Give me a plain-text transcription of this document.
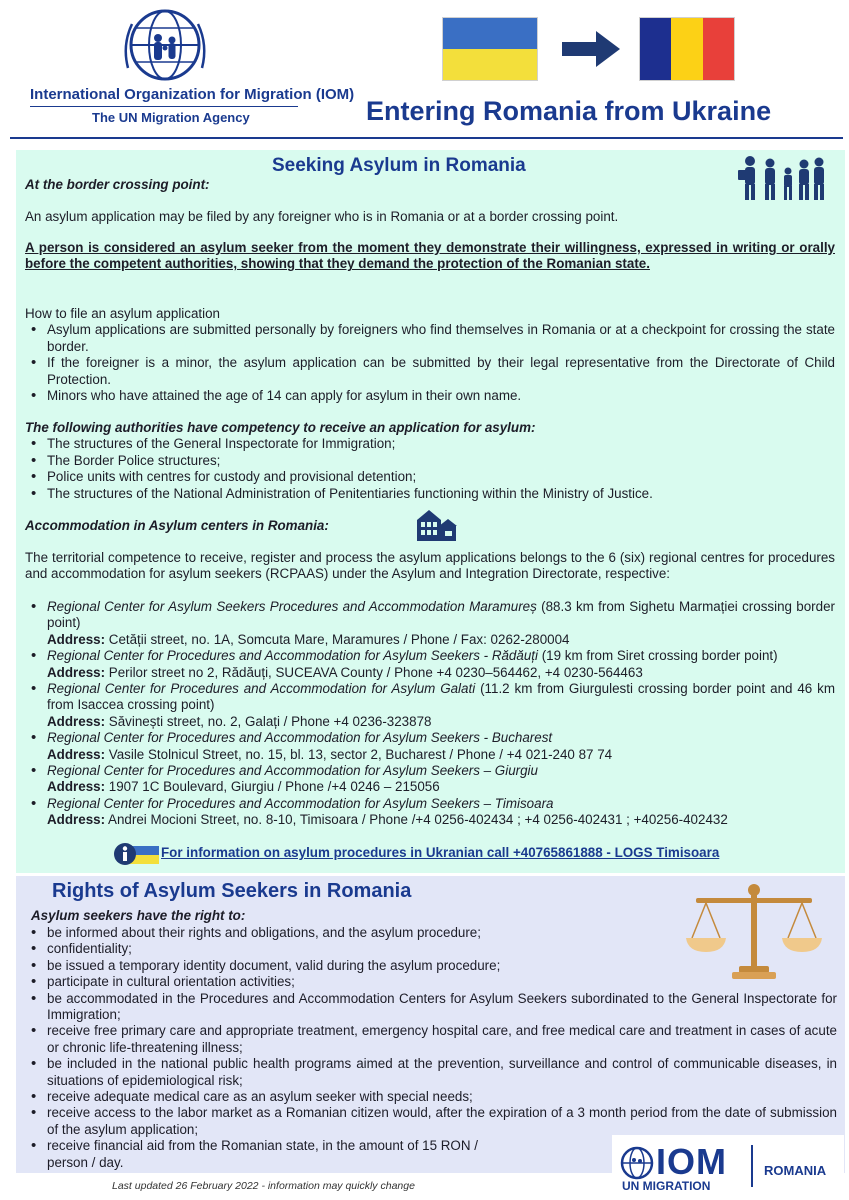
International Organization for Migration (IOM)
The UN Migration Agency	Entering Romania from Ukraine
Seeking Asylum in Romania
At the border crossing point:
An asylum application may be filed by any foreigner who is in Romania or at a border crossing point.
A person is considered an asylum seeker from the moment they demonstrate their willingness, expressed in writing or orally before the competent authorities, showing that they demand the protection of the Romanian state.
How to file an asylum application
• Asylum applications are submitted personally by foreigners who find themselves in Romania or at a checkpoint for crossing the state border.
• If the foreigner is a minor, the asylum application can be submitted by their legal representative from the Directorate of Child Protection.
• Minors who have attained the age of 14 can apply for asylum in their own name.
The following authorities have competency to receive an application for asylum:
• The structures of the General Inspectorate for Immigration;
• The Border Police structures;
• Police units with centres for custody and provisional detention;
• The structures of the National Administration of Penitentiaries functioning within the Ministry of Justice.
Accommodation in Asylum centers in Romania:
The territorial competence to receive, register and process the asylum applications belongs to the 6 (six) regional centres for procedures and accommodation for asylum seekers (RCPAAS) under the Asylum and Integration Directorate, respective:
• Regional Center for Asylum Seekers Procedures and Accommodation Maramureș (88.3 km from Sighetu Marmației crossing border point)
Address: Cetății street, no. 1A, Somcuta Mare, Maramures / Phone / Fax: 0262-280004
• Regional Center for Procedures and Accommodation for Asylum Seekers - Rădăuți (19 km from Siret crossing border point)
Address: Perilor street no 2, Rădăuți, SUCEAVA County / Phone +4 0230–564462, +4 0230-564463
• Regional Center for Procedures and Accommodation for Asylum Galati (11.2 km from Giurgulesti crossing border point and 46 km from Isaccea crossing point)
Address: Săvinești street, no. 2, Galați / Phone +4 0236-323878
• Regional Center for Procedures and Accommodation for Asylum Seekers - Bucharest
Address: Vasile Stolnicul Street, no. 15, bl. 13, sector 2, Bucharest / Phone / +4 021-240 87 74
• Regional Center for Procedures and Accommodation for Asylum Seekers – Giurgiu
Address: 1907 1C Boulevard, Giurgiu / Phone /+4 0246 – 215056
• Regional Center for Procedures and Accommodation for Asylum Seekers – Timisoara
Address: Andrei Mocioni Street, no. 8-10, Timisoara / Phone /+4 0256-402434 ; +4 0256-402431 ; +40256-402432
For information on asylum procedures in Ukranian call +40765861888 - LOGS Timisoara
Rights of Asylum Seekers in Romania
Asylum seekers have the right to:
• be informed about their rights and obligations, and the asylum procedure;
• confidentiality;
• be issued a temporary identity document, valid during the asylum procedure;
• participate in cultural orientation activities;
• be accommodated in the Procedures and Accommodation Centers for Asylum Seekers subordinated to the General Inspectorate for Immigration;
• receive free primary care and appropriate treatment, emergency hospital care, and free medical care and treatment in cases of acute or chronic life-threatening illness;
• be included in the national public health programs aimed at the prevention, surveillance and control of communicable diseases, in situations of epidemiological risk;
• receive adequate medical care as an asylum seeker with special needs;
• receive access to the labor market as a Romanian citizen would, after the expiration of a 3 month period from the date of submission of the asylum application;
• receive financial aid from the Romanian state, in the amount of 15 RON / person / day.
Last updated 26 February 2022 - information may quickly change
IOM
UN MIGRATION
ROMANIA
